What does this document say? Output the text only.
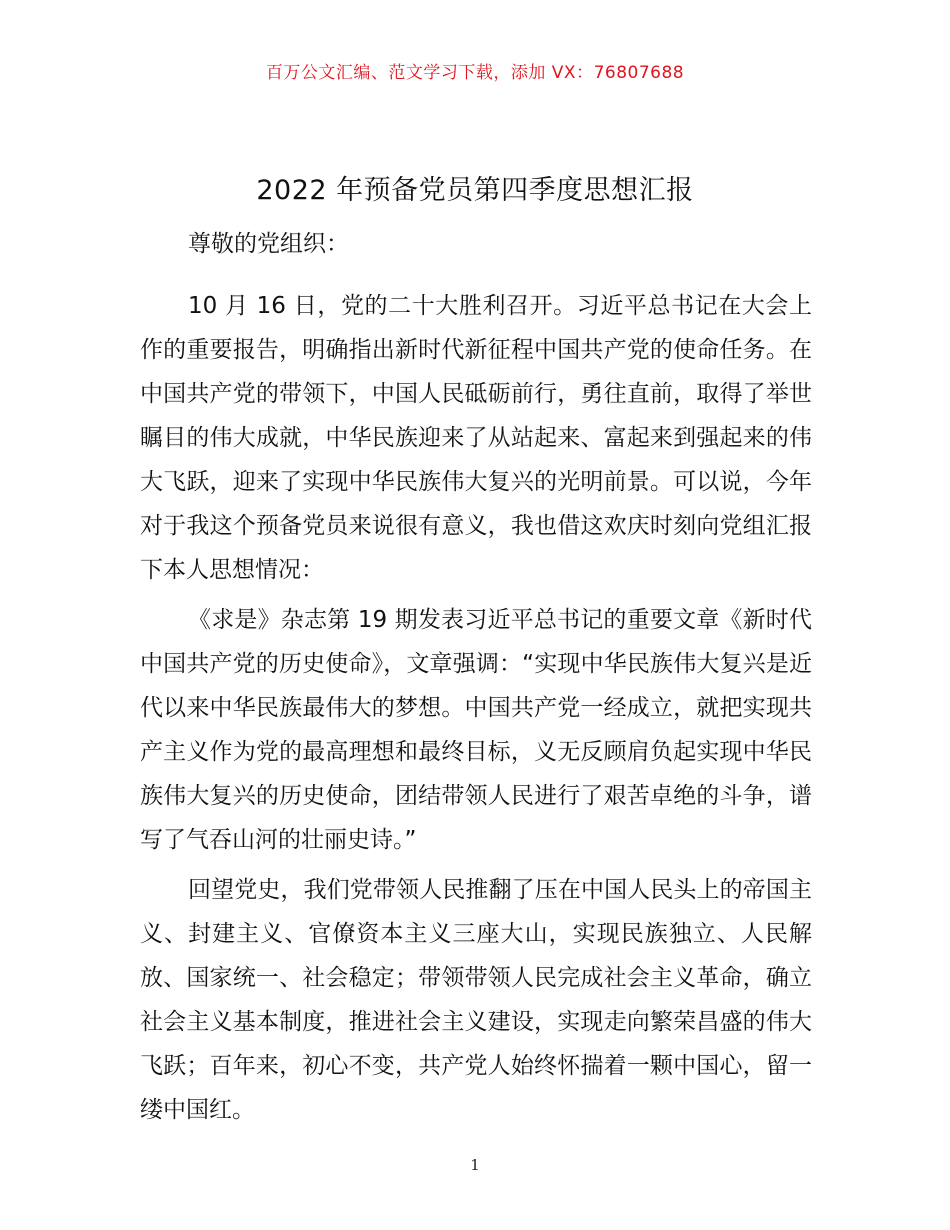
百万公文汇编、范文学习下载，添加 VX：76807688
2022 年预备党员第四季度思想汇报

尊敬的党组织：

10 月 16 日，党的二十大胜利召开。习近平总书记在大会上作的重要报告，明确指出新时代新征程中国共产党的使命任务。在中国共产党的带领下，中国人民砥砺前行，勇往直前，取得了举世瞩目的伟大成就，中华民族迎来了从站起来、富起来到强起来的伟大飞跃，迎来了实现中华民族伟大复兴的光明前景。可以说，今年对于我这个预备党员来说很有意义，我也借这欢庆时刻向党组汇报下本人思想情况：

《求是》杂志第 19 期发表习近平总书记的重要文章《新时代中国共产党的历史使命》，文章强调：“实现中华民族伟大复兴是近代以来中华民族最伟大的梦想。中国共产党一经成立，就把实现共产主义作为党的最高理想和最终目标，义无反顾肩负起实现中华民族伟大复兴的历史使命，团结带领人民进行了艰苦卓绝的斗争，谱写了气吞山河的壮丽史诗。”

回望党史，我们党带领人民推翻了压在中国人民头上的帝国主义、封建主义、官僚资本主义三座大山，实现民族独立、人民解放、国家统一、社会稳定；带领带领人民完成社会主义革命，确立社会主义基本制度，推进社会主义建设，实现走向繁荣昌盛的伟大飞跃；百年来，初心不变，共产党人始终怀揣着一颗中国心，留一缕中国红。

1
